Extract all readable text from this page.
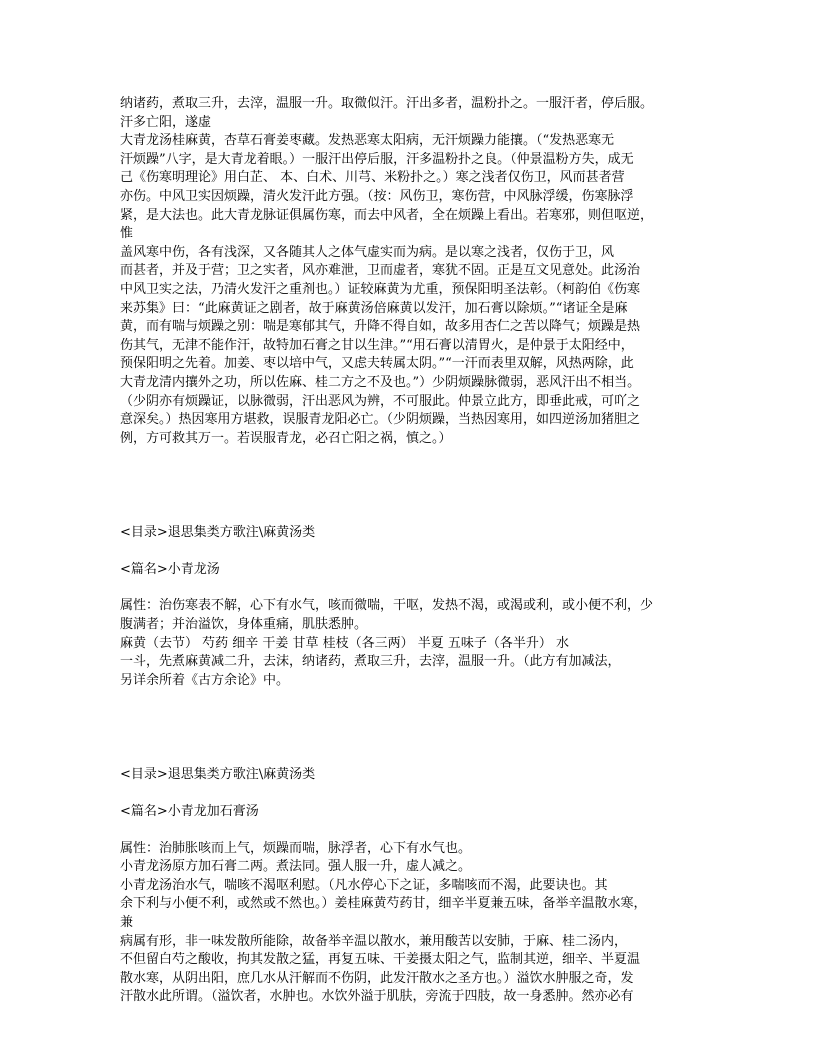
纳诸药，煮取三升，去滓，温服一升。取微似汗。汗出多者，温粉扑之。一服汗者，停后服。
汗多亡阳，遂虚
大青龙汤桂麻黄，杏草石膏姜枣藏。发热恶寒太阳病，无汗烦躁力能攘。（“发热恶寒无
汗烦躁”八字，是大青龙着眼。）一服汗出停后服，汗多温粉扑之良。（仲景温粉方失，成无
己《伤寒明理论》用白芷、 本、白术、川芎、米粉扑之。）寒之浅者仅伤卫，风而甚者营
亦伤。中风卫实因烦躁，清火发汗此方强。（按：风伤卫，寒伤营，中风脉浮缓，伤寒脉浮
紧，是大法也。此大青龙脉证俱属伤寒，而去中风者，全在烦躁上看出。若寒邪，则但呕逆，
惟
盖风寒中伤，各有浅深，又各随其人之体气虚实而为病。是以寒之浅者，仅伤于卫，风
而甚者，并及于营；卫之实者，风亦难泄，卫而虚者，寒犹不固。正是互文见意处。此汤治
中风卫实之法，乃清火发汗之重剂也。）证较麻黄为尤重，预保阳明圣法彰。（柯韵伯《伤寒
来苏集》曰：“此麻黄证之剧者，故于麻黄汤倍麻黄以发汗，加石膏以除烦。”“诸证全是麻
黄，而有喘与烦躁之别：喘是寒郁其气，升降不得自如，故多用杏仁之苦以降气；烦躁是热
伤其气，无津不能作汗，故特加石膏之甘以生津。”“用石膏以清胃火，是仲景于太阳经中，
预保阳明之先着。加姜、枣以培中气，又虑夫转属太阴。”“一汗而表里双解，风热两除，此
大青龙清内攘外之功，所以佐麻、桂二方之不及也。”）少阴烦躁脉微弱，恶风汗出不相当。
（少阴亦有烦躁证，以脉微弱，汗出恶风为辨，不可服此。仲景立此方，即垂此戒，可吖之
意深矣。）热因寒用方堪救，误服青龙阳必亡。（少阴烦躁，当热因寒用，如四逆汤加猪胆之
例，方可救其万一。若误服青龙，必召亡阳之祸，慎之。）
<目录>退思集类方歌注\麻黄汤类
<篇名>小青龙汤
属性：治伤寒表不解，心下有水气，咳而微喘，干呕，发热不渴，或渴或利，或小便不利，少
腹满者；并治溢饮，身体重痛，肌肤悉肿。
麻黄（去节） 芍药 细辛 干姜 甘草 桂枝（各三两） 半夏 五味子（各半升） 水
一斗，先煮麻黄减二升，去沫，纳诸药，煮取三升，去滓，温服一升。（此方有加减法，
另详余所着《古方余论》中。
<目录>退思集类方歌注\麻黄汤类
<篇名>小青龙加石膏汤
属性：治肺胀咳而上气，烦躁而喘，脉浮者，心下有水气也。
小青龙汤原方加石膏二两。煮法同。强人服一升，虚人减之。
小青龙汤治水气，喘咳不渴呕利慰。（凡水停心下之证，多喘咳而不渴，此要诀也。其
余下利与小便不利，或然或不然也。）姜桂麻黄芍药甘，细辛半夏兼五味，备举辛温散水寒，
兼
病属有形，非一味发散所能除，故备举辛温以散水，兼用酸苦以安肺，于麻、桂二汤内，
不但留白芍之酸收，拘其发散之猛，再复五味、干姜摄太阳之气，监制其逆，细辛、半夏温
散水寒，从阴出阳，庶几水从汗解而不伤阴，此发汗散水之圣方也。）溢饮水肿服之奇，发
汗散水此所谓。（溢饮者，水肿也。水饮外溢于肌肤，旁流于四肢，故一身悉肿。然亦必有
